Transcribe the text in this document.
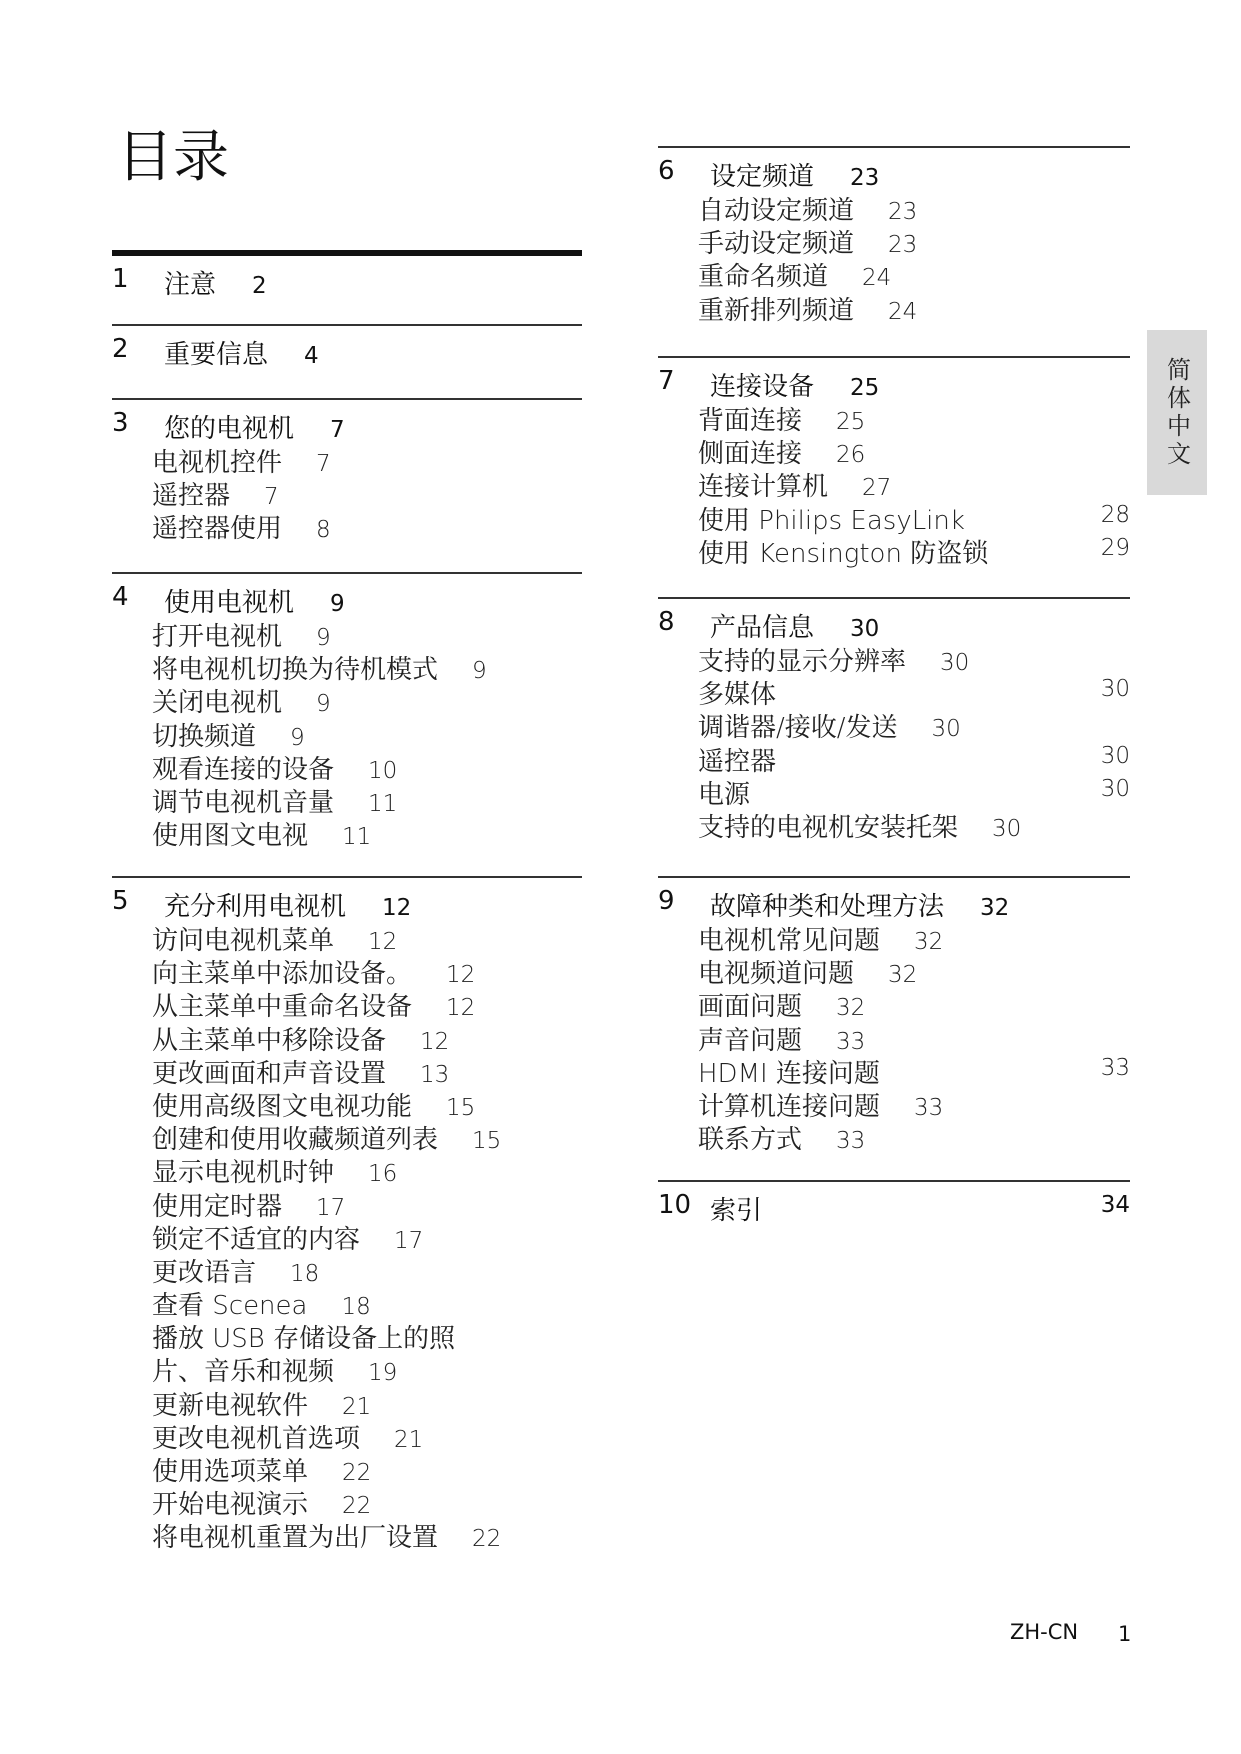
目录
1 注意 2
2 重要信息 4
3 您的电视机 7
电视机控件 7
遥控器 7
遥控器使用 8
4 使用电视机 9
打开电视机 9
将电视机切换为待机模式 9
关闭电视机 9
切换频道 9
观看连接的设备 10
调节电视机音量 11
使用图文电视 11
5 充分利用电视机 12
访问电视机菜单 12
向主菜单中添加设备。 12
从主菜单中重命名设备 12
从主菜单中移除设备 12
更改画面和声音设置 13
使用高级图文电视功能 15
创建和使用收藏频道列表 15
显示电视机时钟 16
使用定时器 17
锁定不适宜的内容 17
更改语言 18
查看 Scenea 18
播放 USB 存储设备上的照
片、音乐和视频 19
更新电视软件 21
更改电视机首选项 21
使用选项菜单 22
开始电视演示 22
将电视机重置为出厂设置 22
6 设定频道 23
自动设定频道 23
手动设定频道 23
重命名频道 24
重新排列频道 24
7 连接设备 25
背面连接 25
侧面连接 26
连接计算机 27
使用 Philips EasyLink	28
使用 Kensington 防盗锁	29
8 产品信息 30
支持的显示分辨率 30
多媒体	30
调谐器/接收/发送 30
遥控器	30
电源	30
支持的电视机安装托架 30
9 故障种类和处理方法 32
电视机常见问题 32
电视频道问题 32
画面问题 32
声音问题 33
HDMI 连接问题	33
计算机连接问题 33
联系方式 33
10 索引	34
简体中文
ZH-CN 1
